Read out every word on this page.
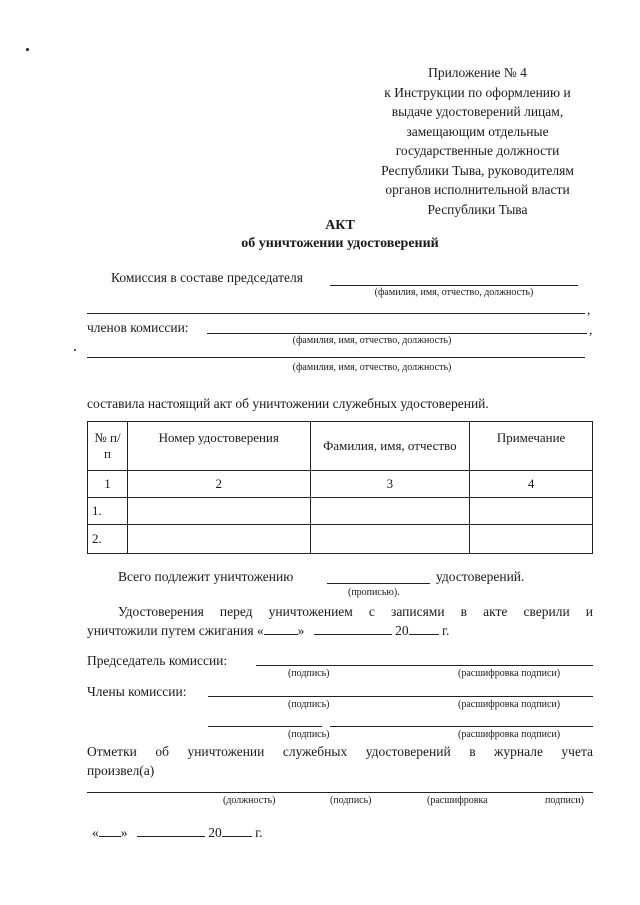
Приложение № 4
к Инструкции по оформлению и
выдаче удостоверений лицам,
замещающим отдельные
государственные должности
Республики Тыва, руководителям
органов исполнительной власти
Республики Тыва
АКТ
об уничтожении удостоверений
Комиссия в составе председателя
(фамилия, имя, отчество, должность)
,
членов комиссии:	,
(фамилия, имя, отчество, должность)
(фамилия, имя, отчество, должность)
составила настоящий акт об уничтожении служебных удостоверений.
№ п/п	Номер удостоверения	Фамилия, имя, отчество	Примечание
1	2	3	4
1.			
2.			
Всего подлежит уничтожению	удостоверений.
(прописью).
Удостоверения перед уничтожением с записями в акте сверили и
уничтожили путем сжигания «	»	20 г.
Председатель комиссии:
(подпись)	(расшифровка подписи)
Члены комиссии:
(подпись)	(расшифровка подписи)
(подпись)	(расшифровка подписи)
Отметки об уничтожении служебных удостоверений в журнале учета
произвел(а)
(должность)	(подпись)	(расшифровка	подписи)
« »	20 г.
